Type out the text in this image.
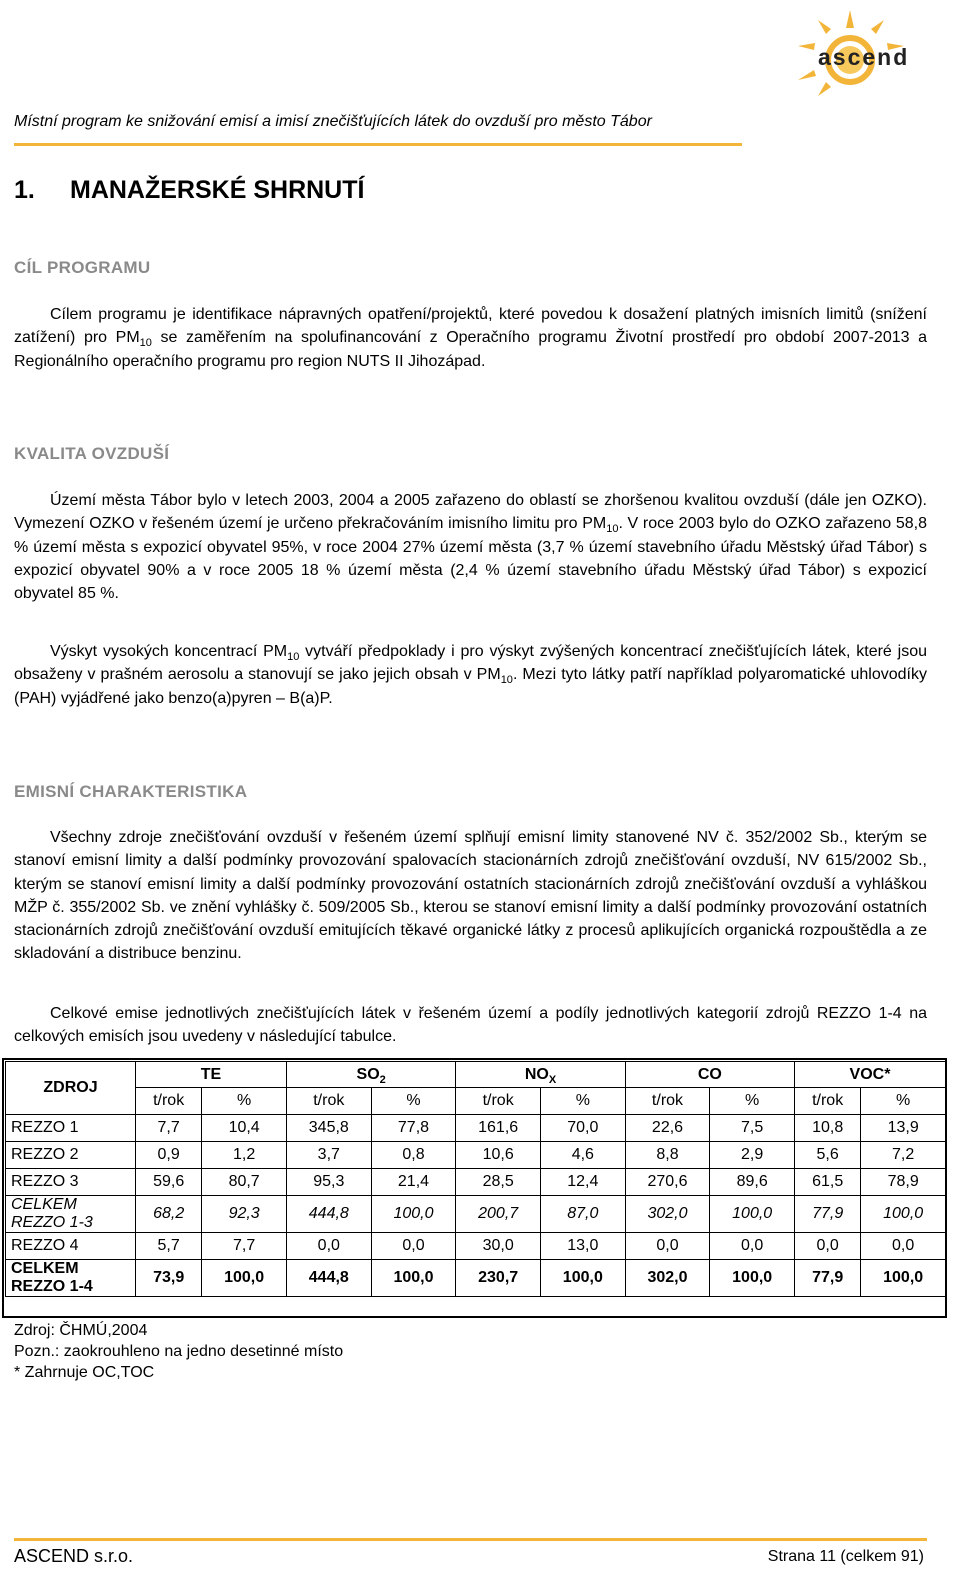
ascend
Místní program ke snižování emisí a imisí znečišťujících látek do ovzduší pro město Tábor
1. MANAŽERSKÉ SHRNUTÍ
CÍL PROGRAMU
Cílem programu je identifikace nápravných opatření/projektů, které povedou k dosažení platných imisních limitů (snížení zatížení) pro $PM_{10}$ se zaměřením na spolufinancování z Operačního programu Životní prostředí pro období 2007-2013 a Regionálního operačního programu pro region NUTS II Jihozápad.
KVALITA OVZDUŠÍ
Území města Tábor bylo v letech 2003, 2004 a 2005 zařazeno do oblastí se zhoršenou kvalitou ovzduší (dále jen OZKO). Vymezení OZKO v řešeném území je určeno překračováním imisního limitu pro $PM_{10}$. V roce 2003 bylo do OZKO zařazeno 58,8 % území města s expozicí obyvatel 95%, v roce 2004 27% území města (3,7 % území stavebního úřadu Městský úřad Tábor) s expozicí obyvatel 90% a v roce 2005 18 % území města (2,4 % území stavebního úřadu Městský úřad Tábor) s expozicí obyvatel 85 %.
Výskyt vysokých koncentrací $PM_{10}$ vytváří předpoklady i pro výskyt zvýšených koncentrací znečišťujících látek, které jsou obsaženy v prašném aerosolu a stanovují se jako jejich obsah v $PM_{10}$. Mezi tyto látky patří například polyaromatické uhlovodíky (PAH) vyjádřené jako benzo(a)pyren – B(a)P.
EMISNÍ CHARAKTERISTIKA
Všechny zdroje znečišťování ovzduší v řešeném území splňují emisní limity stanovené NV č. 352/2002 Sb., kterým se stanoví emisní limity a další podmínky provozování spalovacích stacionárních zdrojů znečišťování ovzduší, NV 615/2002 Sb., kterým se stanoví emisní limity a další podmínky provozování ostatních stacionárních zdrojů znečišťování ovzduší a vyhláškou MŽP č. 355/2002 Sb. ve znění vyhlášky č. 509/2005 Sb., kterou se stanoví emisní limity a další podmínky provozování ostatních stacionárních zdrojů znečišťování ovzduší emitujících těkavé organické látky z procesů aplikujících organická rozpouštědla a ze skladování a distribuce benzinu.
Celkové emise jednotlivých znečišťujících látek v řešeném území a podíly jednotlivých kategorií zdrojů REZZO 1-4 na celkových emisích jsou uvedeny v následující tabulce.
ZDROJ	TE		$SO_2$		$NO_X$		CO		VOC*	
	t/rok	%	t/rok	%	t/rok	%	t/rok	%	t/rok	%
REZZO 1	7,7	10,4	345,8	77,8	161,6	70,0	22,6	7,5	10,8	13,9
REZZO 2	0,9	1,2	3,7	0,8	10,6	4,6	8,8	2,9	5,6	7,2
REZZO 3	59,6	80,7	95,3	21,4	28,5	12,4	270,6	89,6	61,5	78,9
CELKEM
REZZO 1-3	68,2	92,3	444,8	100,0	200,7	87,0	302,0	100,0	77,9	100,0
REZZO 4	5,7	7,7	0,0	0,0	30,0	13,0	0,0	0,0	0,0	0,0
CELKEM
REZZO 1-4	73,9	100,0	444,8	100,0	230,7	100,0	302,0	100,0	77,9	100,0
Zdroj: ČHMÚ,2004
Pozn.: zaokrouhleno na jedno desetinné místo
* Zahrnuje OC,TOC
ASCEND s.r.o.	Strana 11 (celkem 91)
